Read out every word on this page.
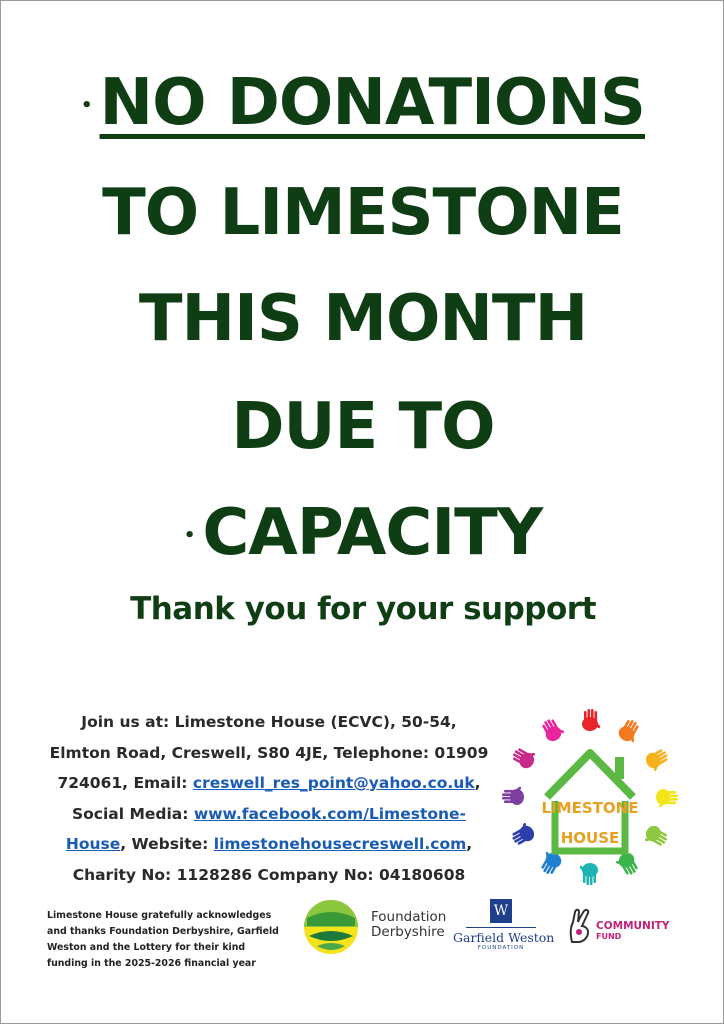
• NO DONATIONS
TO LIMESTONE
THIS MONTH
DUE TO
• CAPACITY
Thank you for your support
Join us at: Limestone House (ECVC), 50-54, Elmton Road, Creswell, S80 4JE, Telephone: 01909 724061, Email: creswell_res_point@yahoo.co.uk, Social Media: www.facebook.com/Limestone-House, Website: limestonehousecreswell.com, Charity No: 1128286 Company No: 04180608
LIMESTONE
HOUSE
Limestone House gratefully acknowledges and thanks Foundation Derbyshire, Garfield Weston and the Lottery for their kind funding in the 2025-2026 financial year
Foundation
Derbyshire
W
Garfield Weston
FOUNDATION
COMMUNITY
FUND
